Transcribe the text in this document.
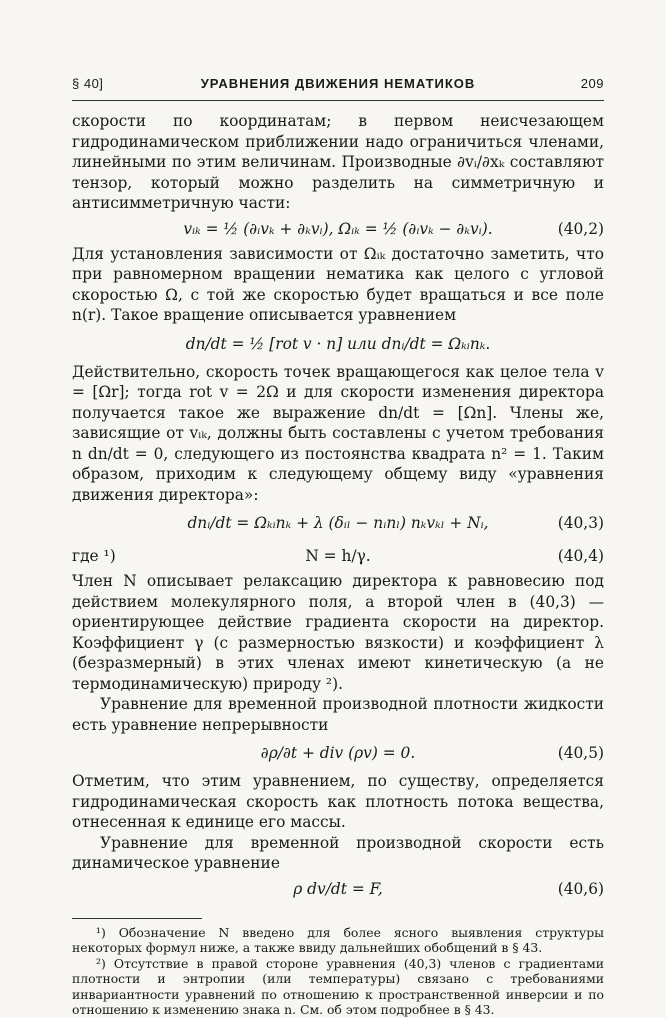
§ 40]	УРАВНЕНИЯ ДВИЖЕНИЯ НЕМАТИКОВ	209

скорости по координатам; в первом неисчезающем гидродинамическом приближении надо ограничиться членами, линейными по этим величинам. Производные ∂vᵢ/∂xₖ составляют тензор, который можно разделить на симметричную и антисимметричную части:

vᵢₖ = ½ (∂ᵢvₖ + ∂ₖvᵢ), Ωᵢₖ = ½ (∂ᵢvₖ − ∂ₖvᵢ).	(40,2)

Для установления зависимости от Ωᵢₖ достаточно заметить, что при равномерном вращении нематика как целого с угловой скоростью Ω, с той же скоростью будет вращаться и все поле n(r). Такое вращение описывается уравнением

dn/dt = ½ [rot v · n] или dnᵢ/dt = Ωₖᵢnₖ.

Действительно, скорость точек вращающегося как целое тела v = [Ωr]; тогда rot v = 2Ω и для скорости изменения директора получается такое же выражение dn/dt = [Ωn]. Члены же, зависящие от vᵢₖ, должны быть составлены с учетом требования n dn/dt = 0, следующего из постоянства квадрата n² = 1. Таким образом, приходим к следующему общему виду «уравнения движения директора»:

dnᵢ/dt = Ωₖᵢnₖ + λ (δᵢₗ − nᵢnₗ) nₖvₖₗ + Nᵢ,	(40,3)
где ¹)	N = h/γ.	(40,4)

Член N описывает релаксацию директора к равновесию под действием молекулярного поля, а второй член в (40,3) — ориентирующее действие градиента скорости на директор. Коэффициент γ (с размерностью вязкости) и коэффициент λ (безразмерный) в этих членах имеют кинетическую (а не термодинамическую) природу ²).

Уравнение для временной производной плотности жидкости есть уравнение непрерывности

∂ρ/∂t + div (ρv) = 0.	(40,5)

Отметим, что этим уравнением, по существу, определяется гидродинамическая скорость как плотность потока вещества, отнесенная к единице его массы.

Уравнение для временной производной скорости есть динамическое уравнение

ρ dv/dt = F,	(40,6)

¹) Обозначение N введено для более ясного выявления структуры некоторых формул ниже, а также ввиду дальнейших обобщений в § 43.

²) Отсутствие в правой стороне уравнения (40,3) членов с градиентами плотности и энтропии (или температуры) связано с требованиями инвариантности уравнений по отношению к пространственной инверсии и по отношению к изменению знака n. См. об этом подробнее в § 43.
